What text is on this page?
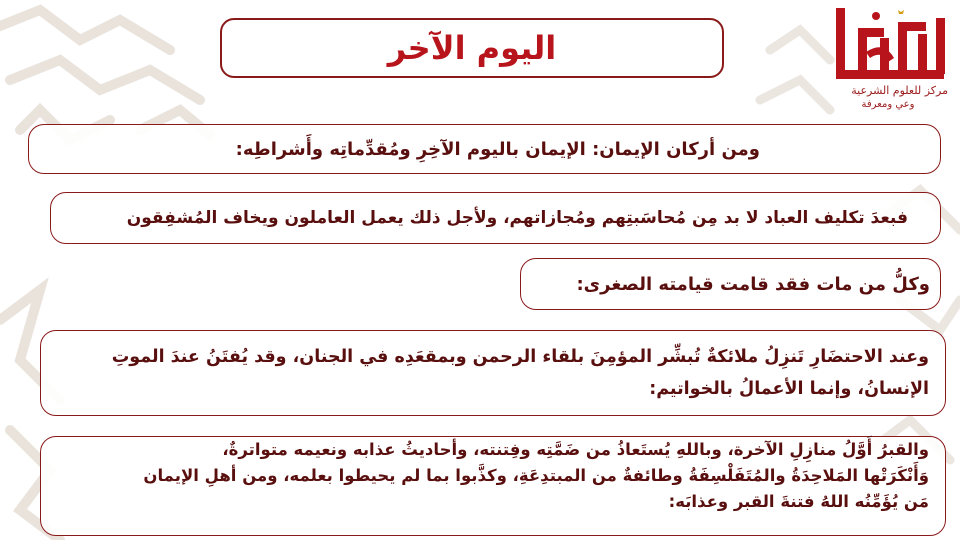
مركز للعلوم الشرعية
وعي ومعرفة
اليوم الآخر

ومن أركان الإيمان: الإيمان باليوم الآخِرِ ومُقدِّماتِه وأَشراطِه:

فبعدَ تكليف العباد لا بد مِن مُحاسَبتِهم ومُجازاتهم، ولأجل ذلك يعمل العاملون ويخاف المُشفِقون

وكلُّ من مات فقد قامت قيامته الصغرى:

وعند الاحتضَارِ تَنزِلُ ملائكةٌ تُبشِّر المؤمِنَ بلقاء الرحمن وبمقعَدِه في الجنان، وقد يُفتَنُ عندَ الموتِ

الإنسانُ، وإنما الأعمالُ بالخواتيم:

والقبرُ أَوَّلُ منازِلِ الآخرة، وباللهِ يُستَعاذُ من ضَمَّتِه وفِتنته، وأحاديثُ عذابه ونعيمه متواترةٌ،

وَأَنْكَرَتْها المَلاحِدَةُ والمُتَفَلْسِفَةُ وطائفةٌ من المبتدِعَةِ، وكذَّبوا بما لم يحيطوا بعلمه، ومن أهلِ الإيمان

مَن يُؤَمِّنُه اللهُ فتنةَ القبر وعذابَه:
